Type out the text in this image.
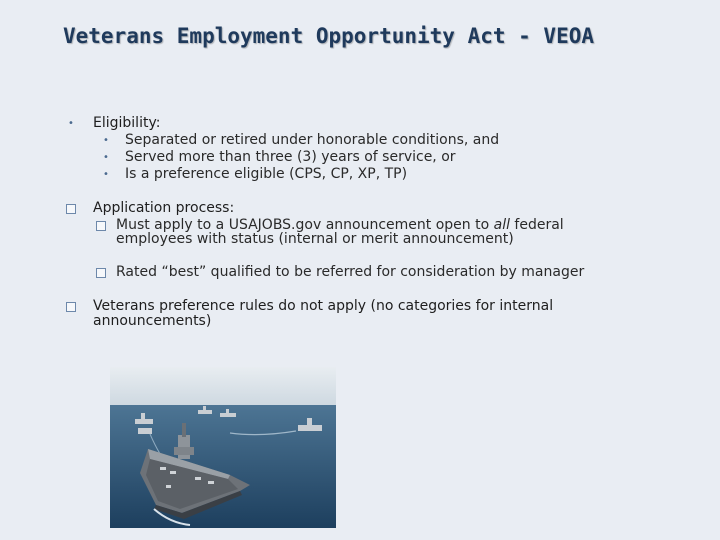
Veterans Employment Opportunity Act - VEOA
• Eligibility:
• Separated or retired under honorable conditions, and
• Served more than three (3) years of service, or
• Is a preference eligible (CPS, CP, XP, TP)
Application process:
Must apply to a USAJOBS.gov announcement open to all federal
employees with status (internal or merit announcement)
Rated “best” qualified to be referred for consideration by manager
Veterans preference rules do not apply (no categories for internal
announcements)
